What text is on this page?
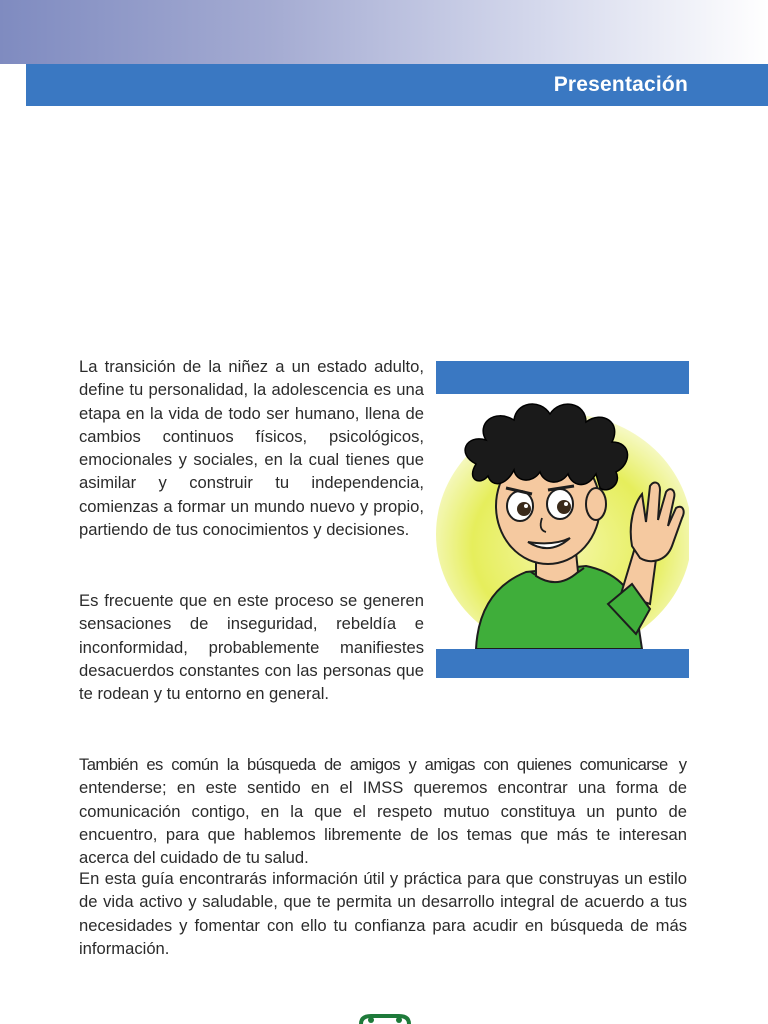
Presentación

La transición de la niñez a un estado adulto, define tu personalidad, la adolescencia es una etapa en la vida de todo ser humano, llena de cambios continuos físicos, psicológicos, emocionales y sociales, en la cual tienes que asimilar y construir tu independencia, comienzas a formar un mundo nuevo y propio, partiendo de tus conocimientos y decisiones.

Es frecuente que en este proceso se generen sensaciones de inseguridad, rebeldía e inconformidad, probablemente manifiestes desacuerdos constantes con las personas que te rodean y tu entorno en general.

También es común la búsqueda de amigos y amigas con quienes comunicarse y entenderse; en este sentido en el IMSS queremos encontrar una forma de comunicación contigo, en la que el respeto mutuo constituya un punto de encuentro, para que hablemos libremente de los temas que más te interesan acerca del cuidado de tu salud.

En esta guía encontrarás información útil y práctica para que construyas un estilo de vida activo y saludable, que te permita un desarrollo integral de acuerdo a tus necesidades y fomentar con ello tu confianza para acudir en búsqueda de más información.
